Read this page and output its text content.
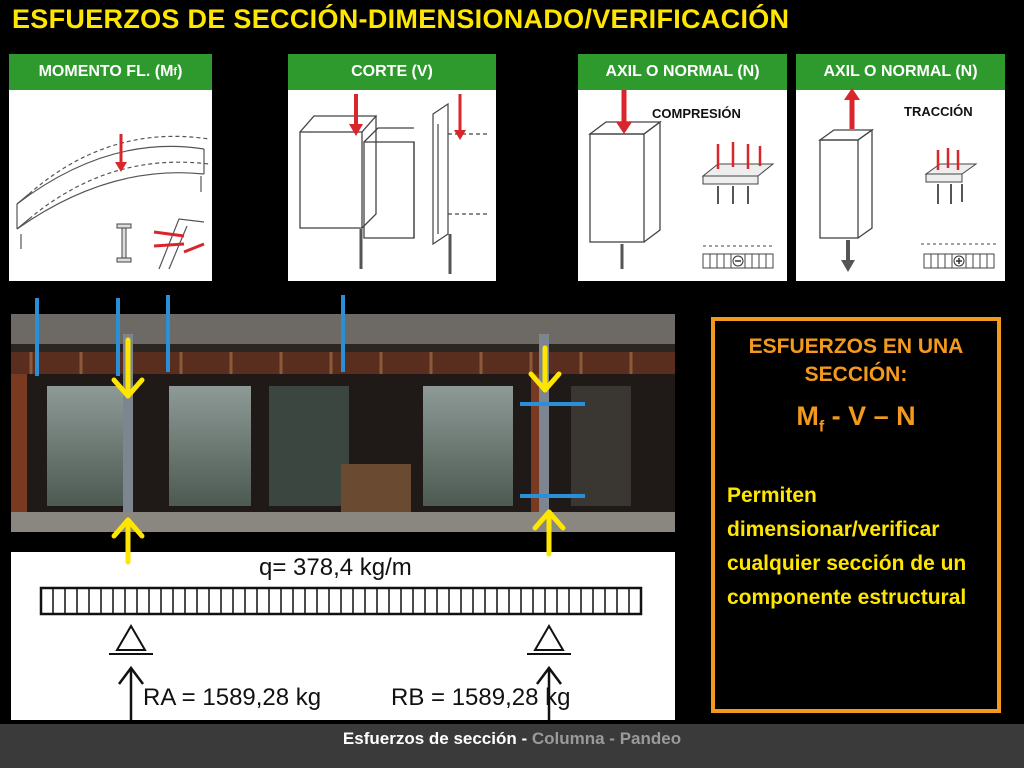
ESFUERZOS DE SECCIÓN-DIMENSIONADO/VERIFICACIÓN
MOMENTO FL. (M f )	CORTE (V)	AXIL O NORMAL (N)
COMPRESIÓN
AXIL O NORMAL (N)
TRACCIÓN
q= 378,4 kg/m
RA = 1589,28 kg	RB = 1589,28 kg
ESFUERZOS EN UNA
SECCIÓN:
$M_f$ - V – N
Permiten dimensionar/verificar cualquier sección de un componente estructural
Esfuerzos de sección - Columna - Pandeo
